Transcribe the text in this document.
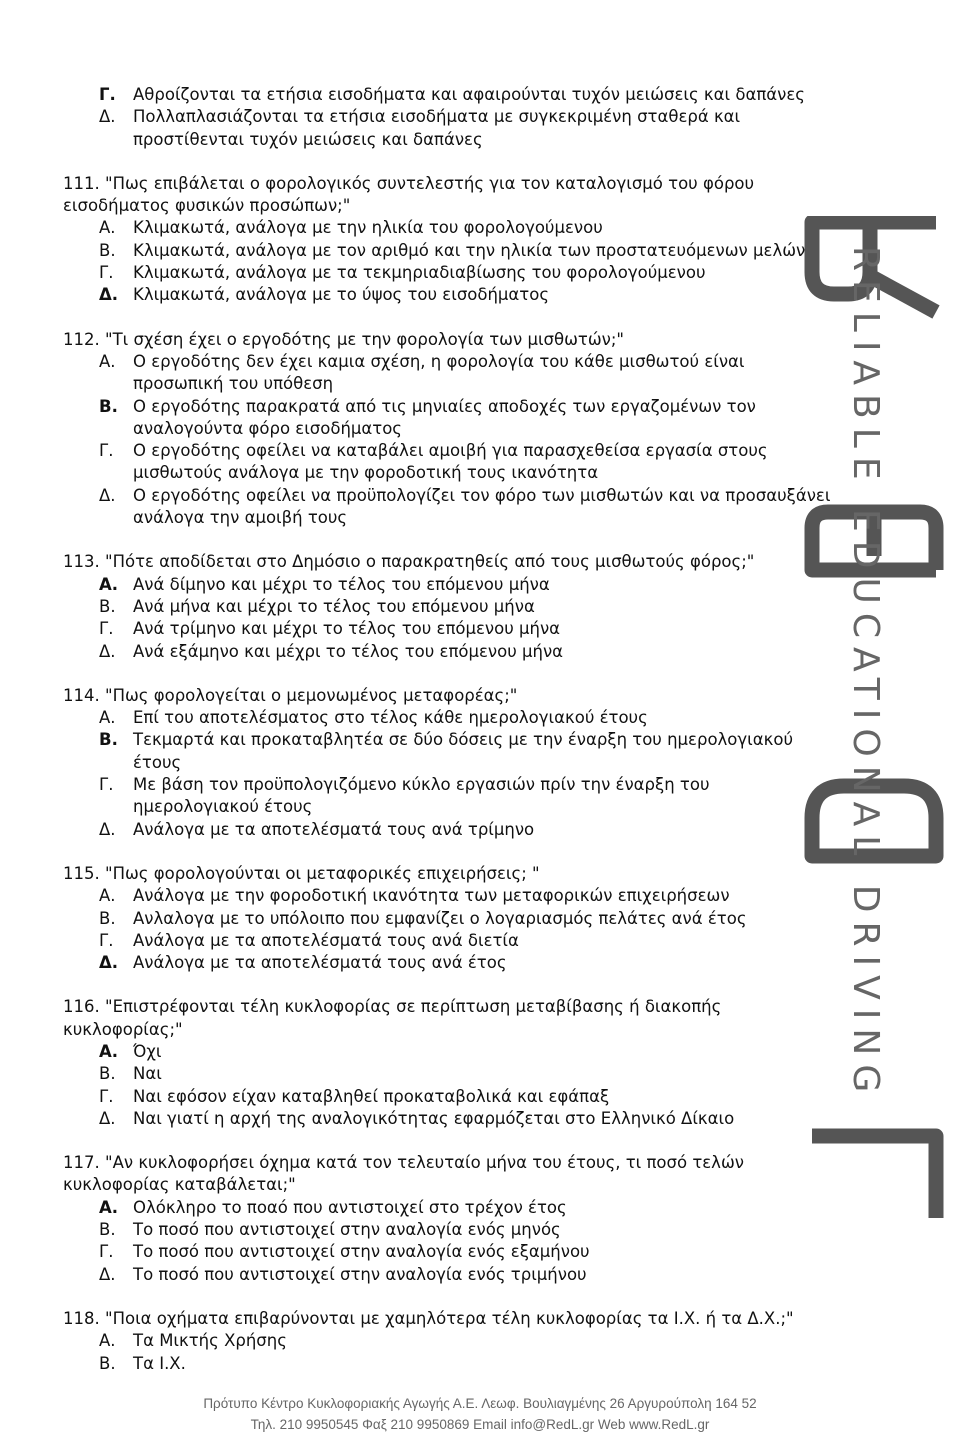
Γ.	Αθροίζονται τα ετήσια εισοδήματα και αφαιρούνται τυχόν μειώσεις και δαπάνες
Δ.	Πολλαπλασιάζονται τα ετήσια εισοδήματα με συγκεκριμένη σταθερά και προστίθενται τυχόν μειώσεις και δαπάνες
111. "Πως επιβάλεται ο φορολογικός συντελεστής για τον καταλογισμό του φόρου εισοδήματος φυσικών προσώπων;"
Α.	Κλιμακωτά, ανάλογα με την ηλικία του φορολογούμενου
Β.	Κλιμακωτά, ανάλογα με τον αριθμό και την ηλικία των προστατευόμενων μελών
Γ.	Κλιμακωτά, ανάλογα με τα τεκμηριαδιαβίωσης του φορολογούμενου
Δ. Κλιμακωτά, ανάλογα με το ύψος του εισοδήματος
112. "Τι σχέση έχει ο εργοδότης με την φορολογία των μισθωτών;"
Α.	Ο εργοδότης δεν έχει καμια σχέση, η φορολογία του κάθε μισθωτού είναι προσωπική του υπόθεση
Β. Ο εργοδότης παρακρατά από τις μηνιαίες αποδοχές των εργαζομένων τον αναλογούντα φόρο εισοδήματος
Γ.	Ο εργοδότης οφείλει να καταβάλει αμοιβή για παρασχεθείσα εργασία στους μισθωτούς ανάλογα με την φοροδοτική τους ικανότητα
Δ.	Ο εργοδότης οφείλει να προϋπολογίζει τον φόρο των μισθωτών και να προσαυξάνει ανάλογα την αμοιβή τους
113. "Πότε αποδίδεται στο Δημόσιο ο παρακρατηθείς από τους μισθωτούς φόρος;"
Α. Ανά δίμηνο και μέχρι το τέλος του επόμενου μήνα
Β.	Ανά μήνα και μέχρι το τέλος του επόμενου μήνα
Γ.	Ανά τρίμηνο και μέχρι το τέλος του επόμενου μήνα
Δ.	Ανά εξάμηνο και μέχρι το τέλος του επόμενου μήνα
114. "Πως φορολογείται ο μεμονωμένος μεταφορέας;"
Α.	Επί του αποτελέσματος στο τέλος κάθε ημερολογιακού έτους
Β. Τεκμαρτά και προκαταβλητέα σε δύο δόσεις με την έναρξη του ημερολογιακού έτους
Γ.	Με βάση τον προϋπολογιζόμενο κύκλο εργασιών πρίν την έναρξη του ημερολογιακού έτους
Δ.	Ανάλογα με τα αποτελέσματά τους ανά τρίμηνο
115. "Πως φορολογούνται οι μεταφορικές επιχειρήσεις; "
Α.	Ανάλογα με την φοροδοτική ικανότητα των μεταφορικών επιχειρήσεων
Β.	Ανλαλογα με το υπόλοιπο που εμφανίζει ο λογαριασμός πελάτες ανά έτος
Γ.	Ανάλογα με τα αποτελέσματά τους ανά διετία
Δ. Ανάλογα με τα αποτελέσματά τους ανά έτος
116. "Επιστρέφονται τέλη κυκλοφορίας σε περίπτωση μεταβίβασης ή διακοπής κυκλοφορίας;"
Α. Όχι
Β.	Ναι
Γ.	Ναι εφόσον είχαν καταβληθεί προκαταβολικά και εφάπαξ
Δ.	Ναι γιατί η αρχή της αναλογικότητας εφαρμόζεται στο Ελληνικό Δίκαιο
117. "Αν κυκλοφορήσει όχημα κατά τον τελευταίο μήνα του έτους, τι ποσό τελών κυκλοφορίας καταβάλεται;"
Α. Ολόκληρο το ποαό που αντιστοιχεί στο τρέχον έτος
Β.	Το ποσό που αντιστοιχεί στην αναλογία ενός μηνός
Γ.	Το ποσό που αντιστοιχεί στην αναλογία ενός εξαμήνου
Δ.	Το ποσό που αντιστοιχεί στην αναλογία ενός τριμήνου
118. "Ποια οχήματα επιβαρύνονται με χαμηλότερα τέλη κυκλοφορίας τα Ι.Χ. ή τα Δ.Χ.;"
Α.	Τα Μικτής Χρήσης
Β.	Τα Ι.Χ.
RELIABLE EDUCATIONAL DRIVING
Πρότυπο Κέντρο Κυκλοφοριακής Αγωγής Α.Ε. Λεωφ. Βουλιαγμένης 26 Αργυρούπολη 164 52
Τηλ. 210 9950545 Φαξ 210 9950869 Email info@RedL.gr Web www.RedL.gr
